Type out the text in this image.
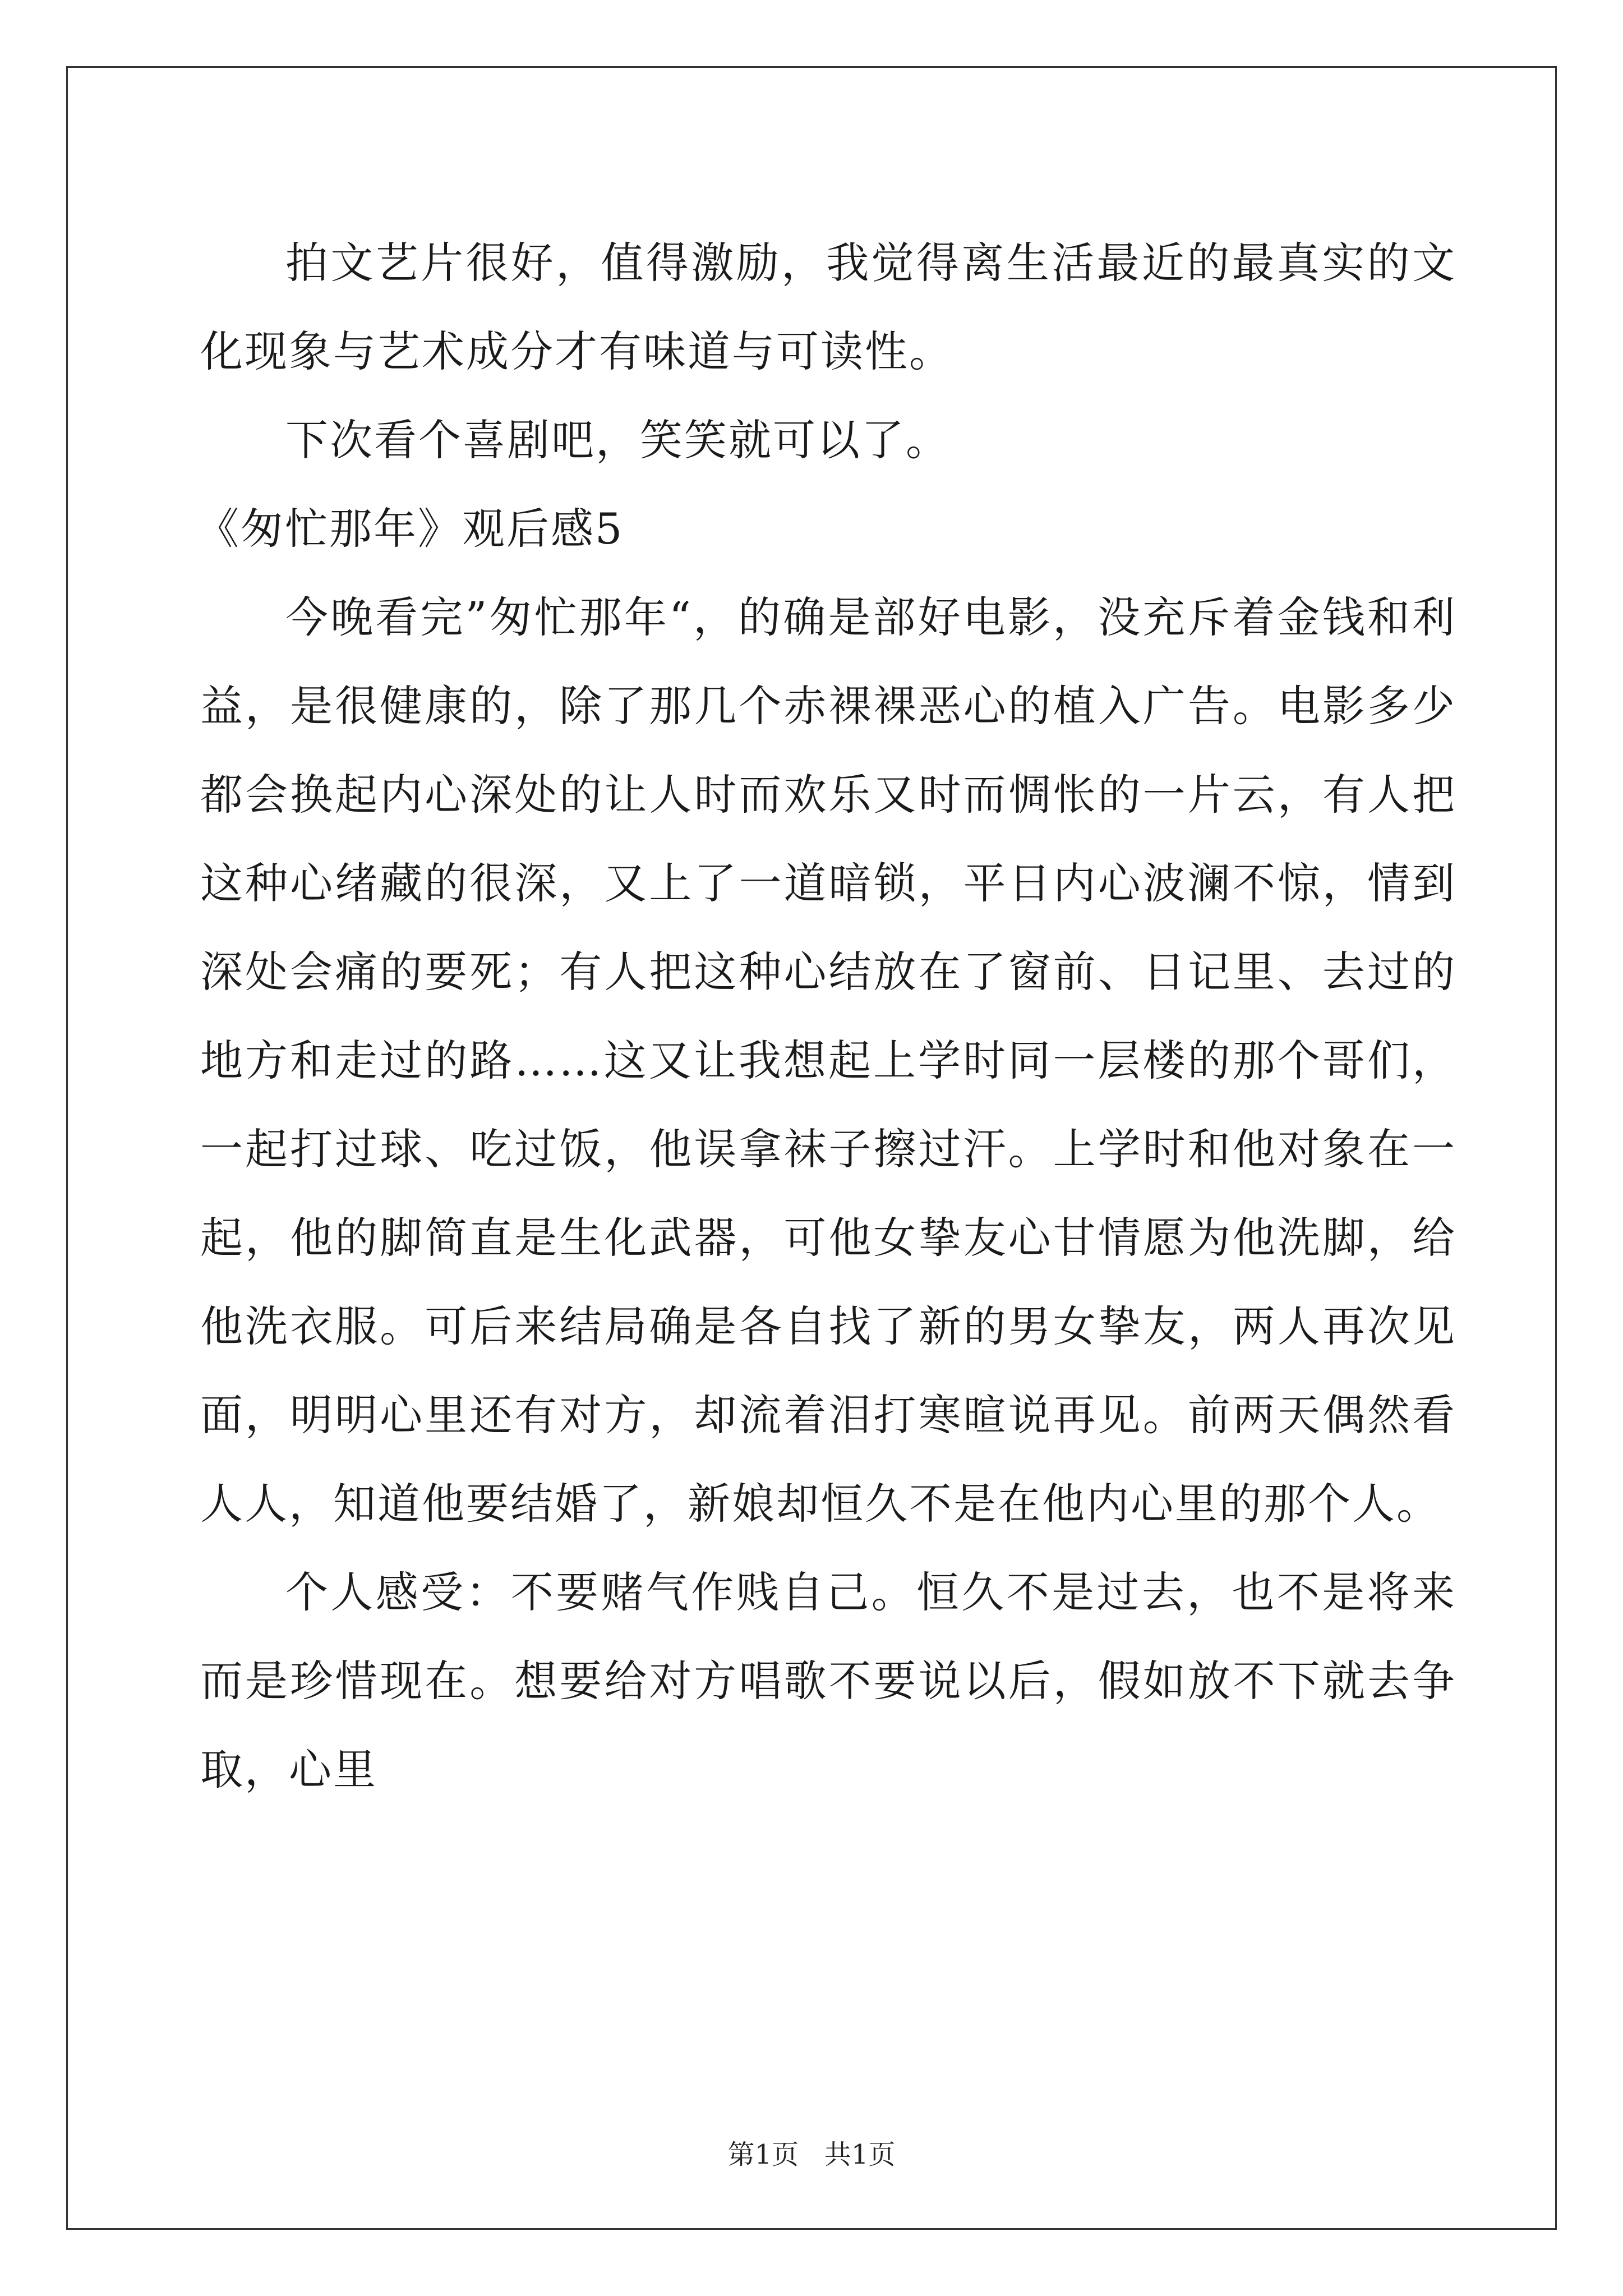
拍文艺片很好，值得激励，我觉得离生活最近的最真实的文化现象与艺术成分才有味道与可读性。

下次看个喜剧吧，笑笑就可以了。

《匆忙那年》观后感5

今晚看完”匆忙那年“，的确是部好电影，没充斥着金钱和利益，是很健康的，除了那几个赤裸裸恶心的植入广告。电影多少都会换起内心深处的让人时而欢乐又时而惆怅的一片云，有人把这种心绪藏的很深，又上了一道暗锁，平日内心波澜不惊，情到深处会痛的要死；有人把这种心结放在了窗前、日记里、去过的地方和走过的路……这又让我想起上学时同一层楼的那个哥们，一起打过球、吃过饭，他误拿袜子擦过汗。上学时和他对象在一起，他的脚简直是生化武器，可他女挚友心甘情愿为他洗脚，给他洗衣服。可后来结局确是各自找了新的男女挚友，两人再次见面，明明心里还有对方，却流着泪打寒暄说再见。前两天偶然看人人，知道他要结婚了，新娘却恒久不是在他内心里的那个人。

个人感受：不要赌气作贱自己。恒久不是过去，也不是将来而是珍惜现在。想要给对方唱歌不要说以后，假如放不下就去争取，心里

第1页   共1页
